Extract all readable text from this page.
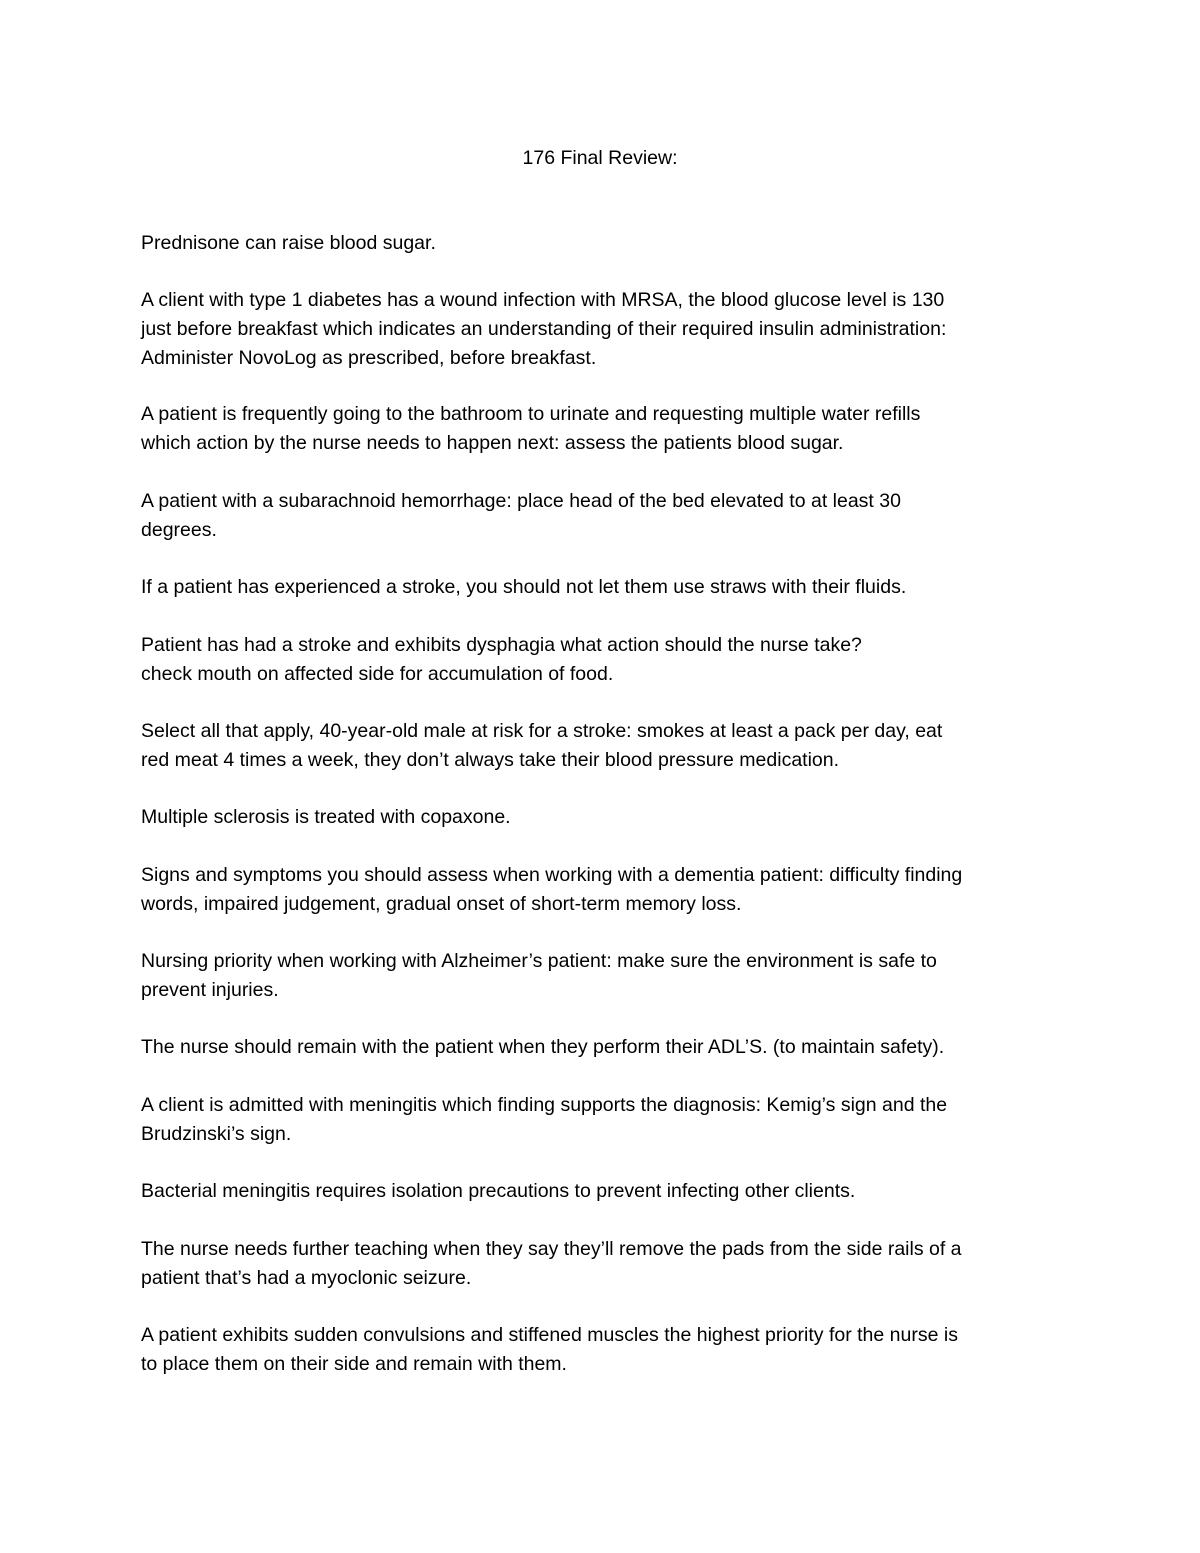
176 Final Review:

Prednisone can raise blood sugar.

A client with type 1 diabetes has a wound infection with MRSA, the blood glucose level is 130
just before breakfast which indicates an understanding of their required insulin administration:
Administer NovoLog as prescribed, before breakfast.

A patient is frequently going to the bathroom to urinate and requesting multiple water refills
which action by the nurse needs to happen next: assess the patients blood sugar.

A patient with a subarachnoid hemorrhage: place head of the bed elevated to at least 30
degrees.

If a patient has experienced a stroke, you should not let them use straws with their fluids.

Patient has had a stroke and exhibits dysphagia what action should the nurse take?
check mouth on affected side for accumulation of food.

Select all that apply, 40-year-old male at risk for a stroke: smokes at least a pack per day, eat
red meat 4 times a week, they don’t always take their blood pressure medication.

Multiple sclerosis is treated with copaxone.

Signs and symptoms you should assess when working with a dementia patient: difficulty finding
words, impaired judgement, gradual onset of short-term memory loss.

Nursing priority when working with Alzheimer’s patient: make sure the environment is safe to
prevent injuries.

The nurse should remain with the patient when they perform their ADL’S. (to maintain safety).

A client is admitted with meningitis which finding supports the diagnosis: Kemig’s sign and the
Brudzinski’s sign.

Bacterial meningitis requires isolation precautions to prevent infecting other clients.

The nurse needs further teaching when they say they’ll remove the pads from the side rails of a
patient that’s had a myoclonic seizure.

A patient exhibits sudden convulsions and stiffened muscles the highest priority for the nurse is
to place them on their side and remain with them.
